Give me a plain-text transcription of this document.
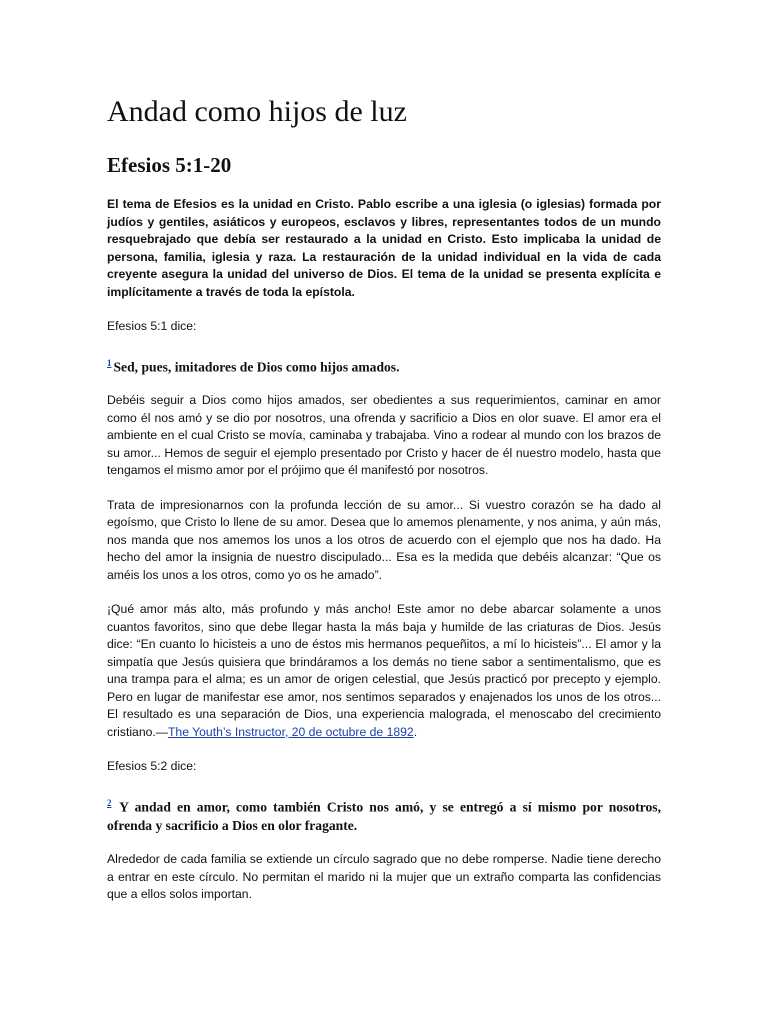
Andad como hijos de luz
Efesios 5:1-20

El tema de Efesios es la unidad en Cristo. Pablo escribe a una iglesia (o iglesias) formada por judíos y gentiles, asiáticos y europeos, esclavos y libres, representantes todos de un mundo resquebrajado que debía ser restaurado a la unidad en Cristo. Esto implicaba la unidad de persona, familia, iglesia y raza. La restauración de la unidad individual en la vida de cada creyente asegura la unidad del universo de Dios. El tema de la unidad se presenta explícita e implícitamente a través de toda la epístola.

Efesios 5:1 dice:

$^1$ Sed, pues, imitadores de Dios como hijos amados.

Debéis seguir a Dios como hijos amados, ser obedientes a sus requerimientos, caminar en amor como él nos amó y se dio por nosotros, una ofrenda y sacrificio a Dios en olor suave. El amor era el ambiente en el cual Cristo se movía, caminaba y trabajaba. Vino a rodear al mundo con los brazos de su amor... Hemos de seguir el ejemplo presentado por Cristo y hacer de él nuestro modelo, hasta que tengamos el mismo amor por el prójimo que él manifestó por nosotros.

Trata de impresionarnos con la profunda lección de su amor... Si vuestro corazón se ha dado al egoísmo, que Cristo lo llene de su amor. Desea que lo amemos plenamente, y nos anima, y aún más, nos manda que nos amemos los unos a los otros de acuerdo con el ejemplo que nos ha dado. Ha hecho del amor la insignia de nuestro discipulado... Esa es la medida que debéis alcanzar: “Que os améis los unos a los otros, como yo os he amado”.

¡Qué amor más alto, más profundo y más ancho! Este amor no debe abarcar solamente a unos cuantos favoritos, sino que debe llegar hasta la más baja y humilde de las criaturas de Dios. Jesús dice: “En cuanto lo hicisteis a uno de éstos mis hermanos pequeñitos, a mí lo hicisteis”... El amor y la simpatía que Jesús quisiera que brindáramos a los demás no tiene sabor a sentimentalismo, que es una trampa para el alma; es un amor de origen celestial, que Jesús practicó por precepto y ejemplo. Pero en lugar de manifestar ese amor, nos sentimos separados y enajenados los unos de los otros... El resultado es una separación de Dios, una experiencia malograda, el menoscabo del crecimiento cristiano.—The Youth’s Instructor, 20 de octubre de 1892.

Efesios 5:2 dice:

$^2$ Y andad en amor, como también Cristo nos amó, y se entregó a sí mismo por nosotros, ofrenda y sacrificio a Dios en olor fragante.

Alrededor de cada familia se extiende un círculo sagrado que no debe romperse. Nadie tiene derecho a entrar en este círculo. No permitan el marido ni la mujer que un extraño comparta las confidencias que a ellos solos importan.
